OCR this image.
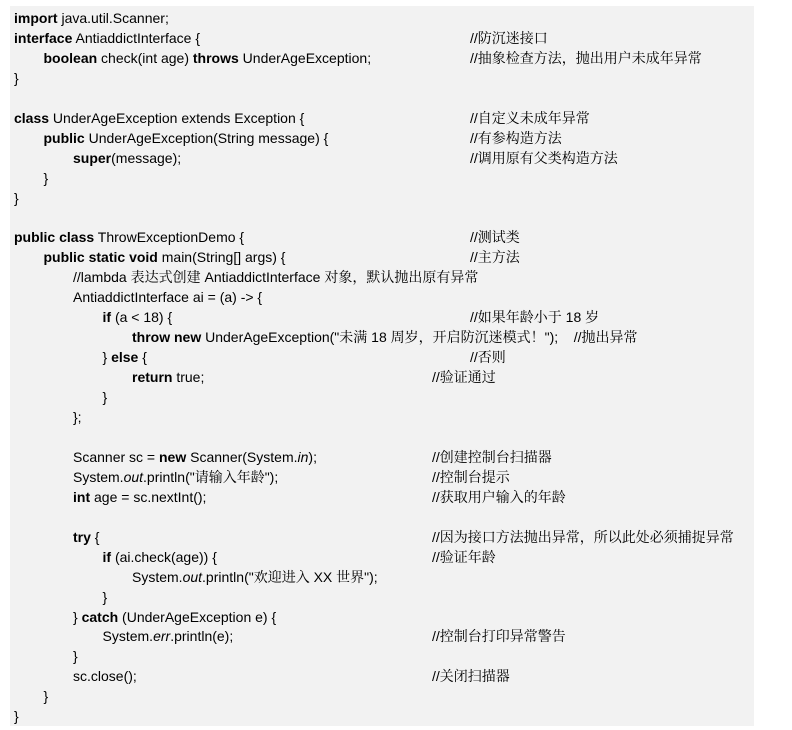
import java.util.Scanner;
interface AntiaddictInterface {	//防沉迷接口
boolean check(int age) throws UnderAgeException;	//抽象检查方法，抛出用户未成年异常
}
class UnderAgeException extends Exception {	//自定义未成年异常
public UnderAgeException(String message) {	//有参构造方法
super(message);	//调用原有父类构造方法
}
}
public class ThrowExceptionDemo {	//测试类
public static void main(String[] args) {	//主方法
//lambda 表达式创建 AntiaddictInterface 对象，默认抛出原有异常
AntiaddictInterface ai = (a) -> {
if (a < 18) {	//如果年龄小于 18 岁
throw new UnderAgeException("未满 18 周岁，开启防沉迷模式！");    //抛出异常
} else {	//否则
return true;	//验证通过
}
};
Scanner sc = new Scanner(System.in);	//创建控制台扫描器
System.out.println("请输入年龄");	//控制台提示
int age = sc.nextInt();	//获取用户输入的年龄
try {	//因为接口方法抛出异常，所以此处必须捕捉异常
if (ai.check(age)) {	//验证年龄
System.out.println("欢迎进入 XX 世界");
}
} catch (UnderAgeException e) {
System.err.println(e);	//控制台打印异常警告
}
sc.close();	//关闭扫描器
}
}
